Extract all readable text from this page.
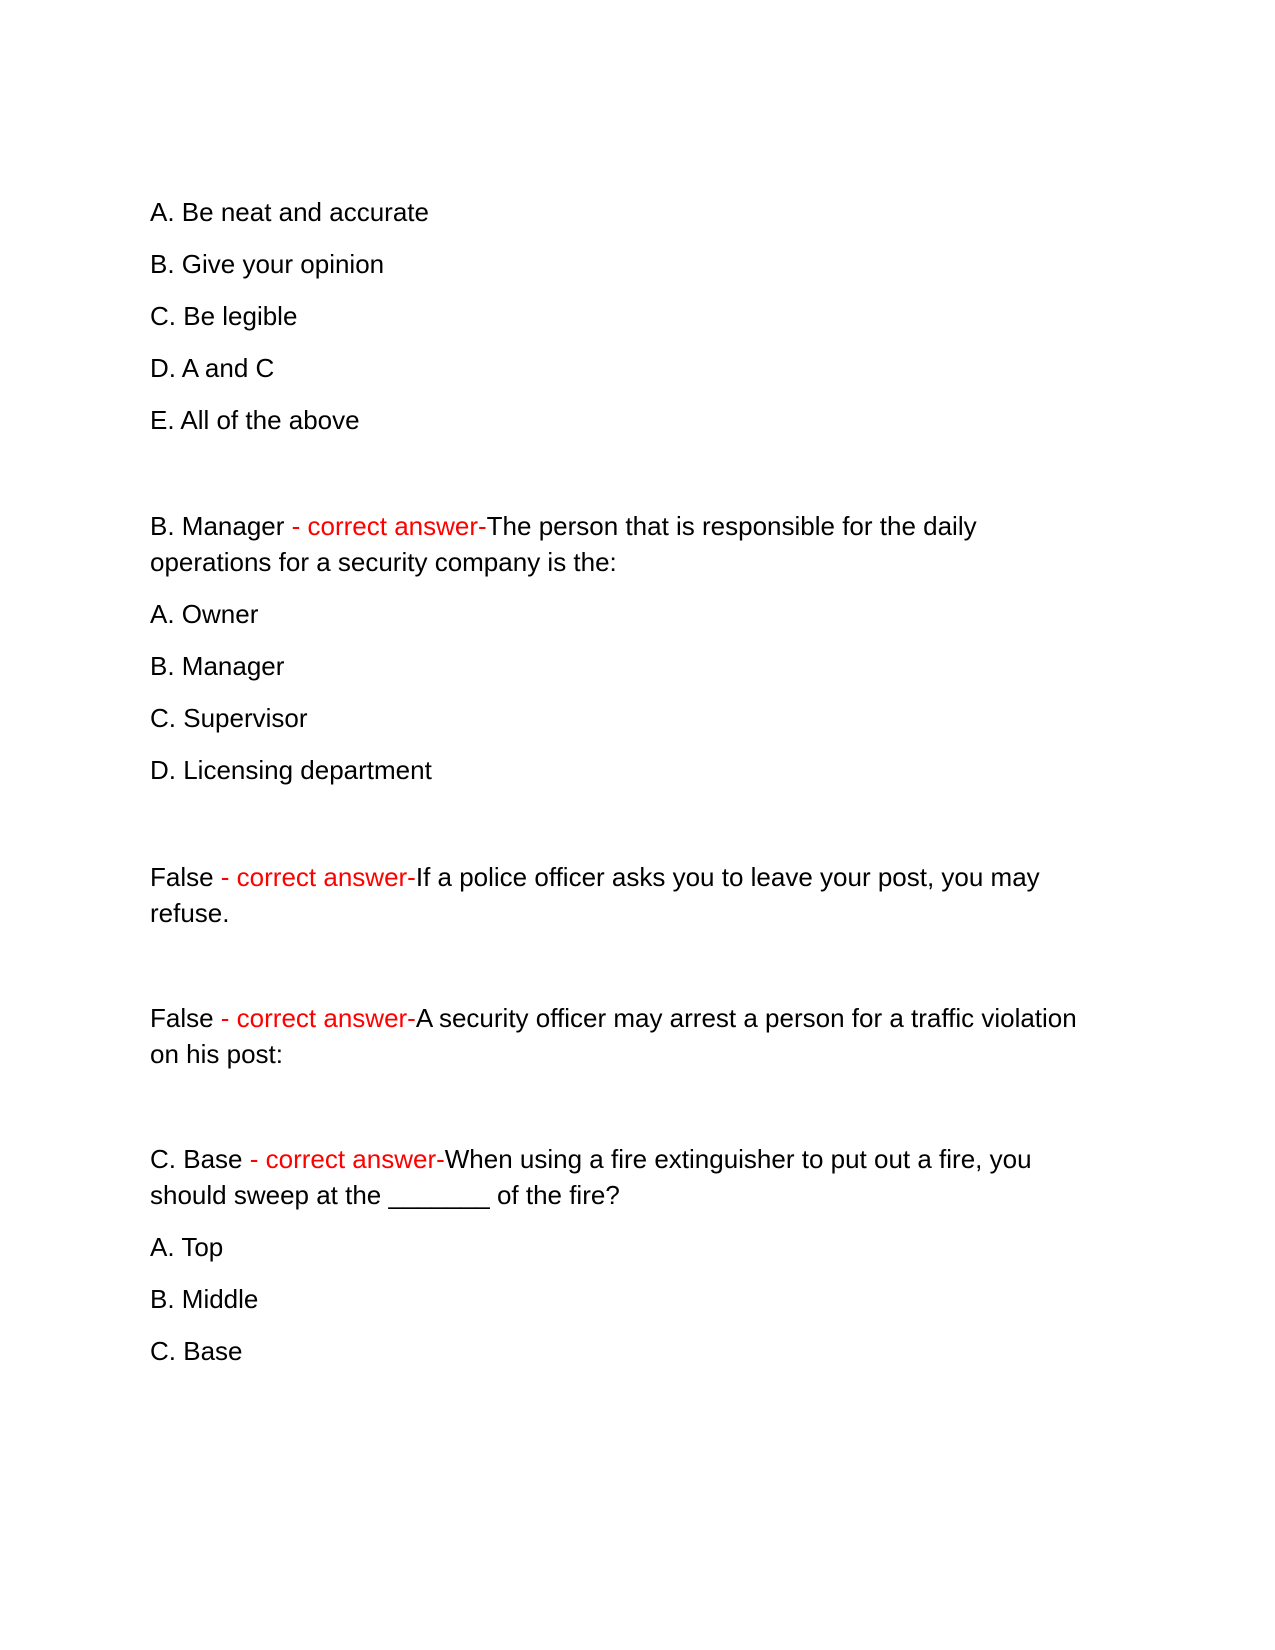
A. Be neat and accurate
B. Give your opinion
C. Be legible
D. A and C
E. All of the above
B. Manager - correct answer-The person that is responsible for the daily
operations for a security company is the:
A. Owner
B. Manager
C. Supervisor
D. Licensing department
False - correct answer-If a police officer asks you to leave your post, you may
refuse.
False - correct answer-A security officer may arrest a person for a traffic violation
on his post:
C. Base - correct answer-When using a fire extinguisher to put out a fire, you
should sweep at the _______ of the fire?
A. Top
B. Middle
C. Base
